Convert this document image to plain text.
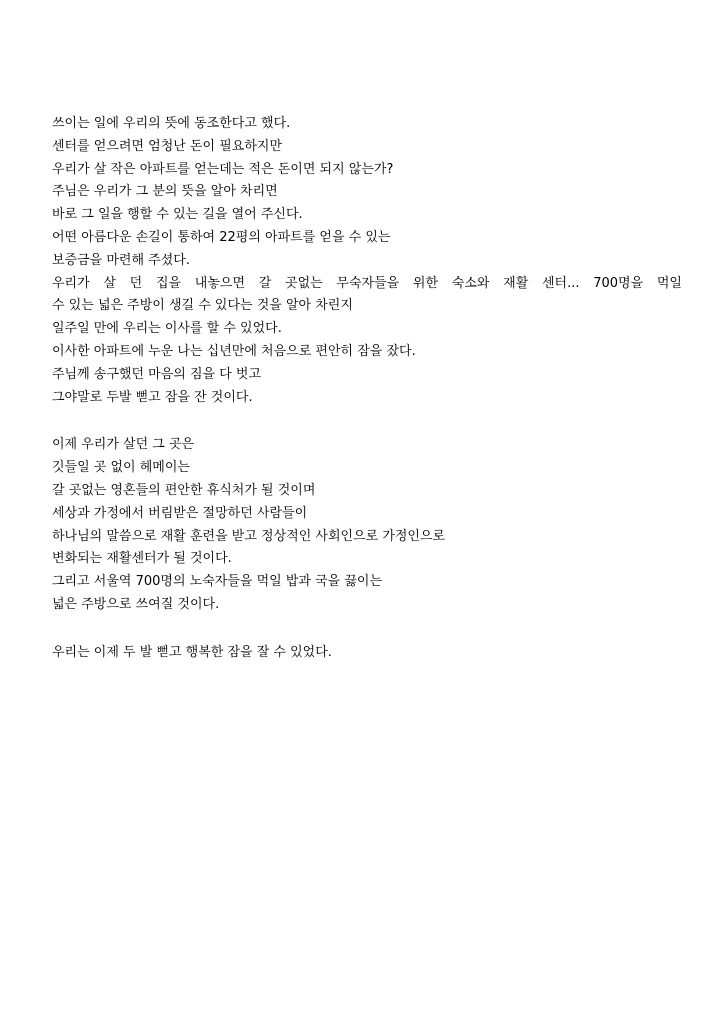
쓰이는 일에 우리의 뜻에 동조한다고 했다.
센터를 얻으려면 엄청난 돈이 필요하지만
우리가 살 작은 아파트를 얻는데는 적은 돈이면 되지 않는가?
주님은 우리가 그 분의 뜻을 알아 차리면
바로 그 일을 행할 수 있는 길을 열어 주신다.
어떤 아름다운 손길이 통하여 22평의 아파트를 얻을 수 있는
보증금을 마련해 주셨다.
우리가 살 던 집을 내놓으면 갈 곳없는 무숙자들을 위한 숙소와 재활 센터... 700명을 먹일
수 있는 넓은 주방이 생길 수 있다는 것을 알아 차린지
일주일 만에 우리는 이사를 할 수 있었다.
이사한 아파트에 누운 나는 십년만에 처음으로 편안히 잠을 잤다.
주님께 송구했던 마음의 짐을 다 벗고
그야말로 두발 뻗고 잠을 잔 것이다.
이제 우리가 살던 그 곳은
깃들일 곳 없이 헤메이는
갈 곳없는 영혼들의 편안한 휴식처가 될 것이며
세상과 가정에서 버림받은 절망하던 사람들이
하나님의 말씀으로 재활 훈련을 받고 정상적인 사회인으로 가정인으로
변화되는 재활센터가 될 것이다.
그리고 서울역 700명의 노숙자들을 먹일 밥과 국을 끓이는
넓은 주방으로 쓰여질 것이다.
우리는 이제 두 발 뻗고 행복한 잠을 잘 수 있었다.
